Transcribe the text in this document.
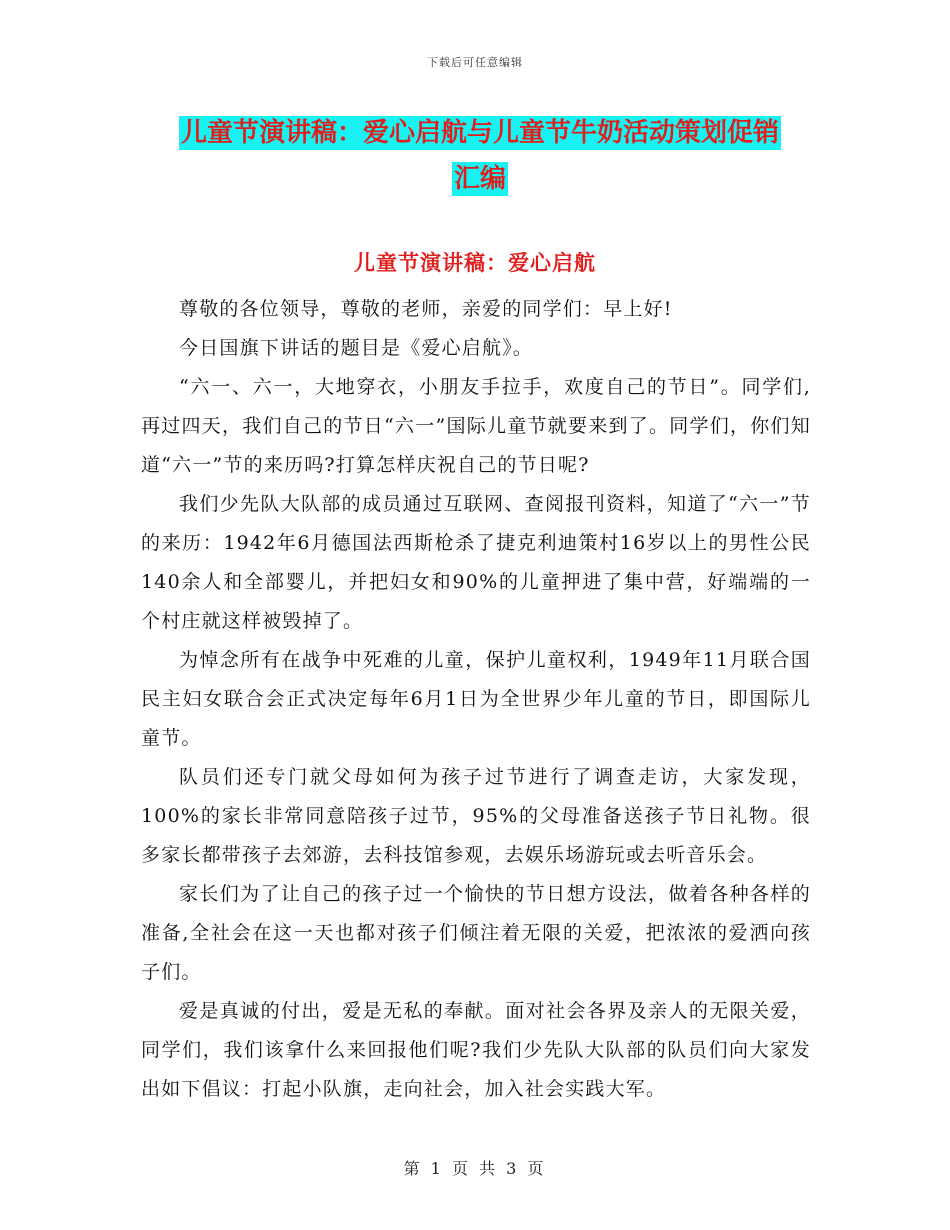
下载后可任意编辑
儿童节演讲稿：爱心启航与儿童节牛奶活动策划促销
汇编
儿童节演讲稿：爱心启航

尊敬的各位领导，尊敬的老师，亲爱的同学们：早上好!

今日国旗下讲话的题目是《爱心启航》。

“六一、六一，大地穿衣，小朋友手拉手，欢度自己的节日”。同学们,再过四天，我们自己的节日“六一”国际儿童节就要来到了。同学们，你们知道“六一”节的来历吗?打算怎样庆祝自己的节日呢?

我们少先队大队部的成员通过互联网、查阅报刊资料，知道了“六一”节的来历：1942年6月德国法西斯枪杀了捷克利迪策村16岁以上的男性公民140余人和全部婴儿，并把妇女和90%的儿童押进了集中营，好端端的一个村庄就这样被毁掉了。

为悼念所有在战争中死难的儿童，保护儿童权利，1949年11月联合国民主妇女联合会正式决定每年6月1日为全世界少年儿童的节日，即国际儿童节。

队员们还专门就父母如何为孩子过节进行了调查走访，大家发现，100%的家长非常同意陪孩子过节，95%的父母准备送孩子节日礼物。很多家长都带孩子去郊游，去科技馆参观，去娱乐场游玩或去听音乐会。

家长们为了让自己的孩子过一个愉快的节日想方设法，做着各种各样的准备,全社会在这一天也都对孩子们倾注着无限的关爱，把浓浓的爱洒向孩子们。

爱是真诚的付出，爱是无私的奉献。面对社会各界及亲人的无限关爱，同学们，我们该拿什么来回报他们呢?我们少先队大队部的队员们向大家发出如下倡议：打起小队旗，走向社会，加入社会实践大军。

第 1 页 共 3 页
